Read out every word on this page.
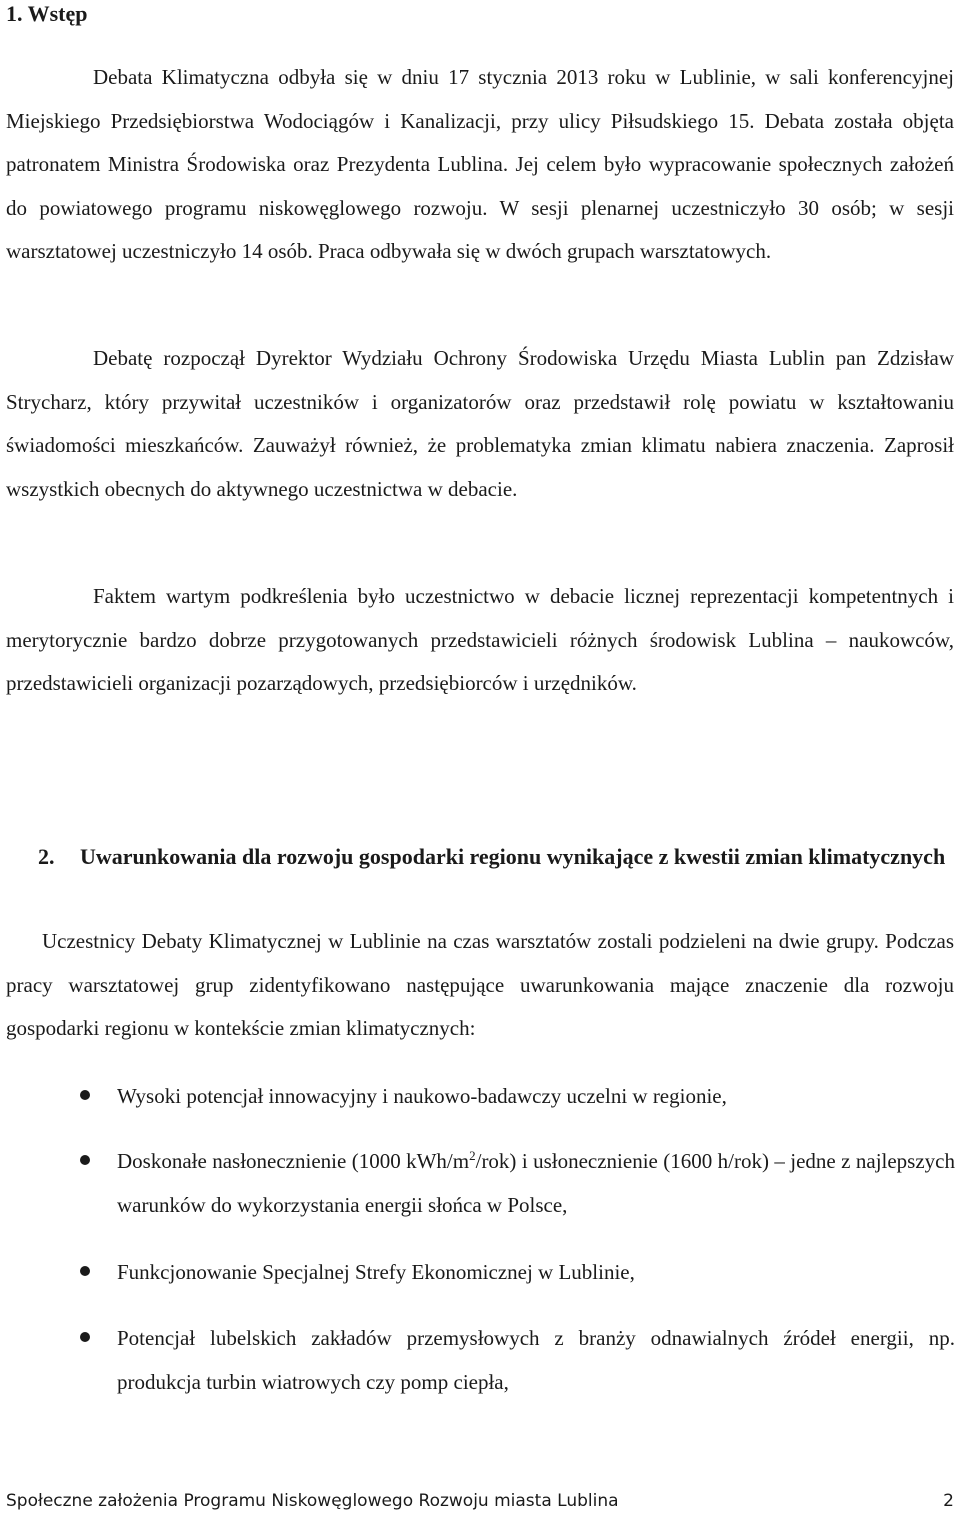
1. Wstęp

Debata Klimatyczna odbyła się w dniu 17 stycznia 2013 roku w Lublinie, w sali konferencyjnej Miejskiego Przedsiębiorstwa Wodociągów i Kanalizacji, przy ulicy Piłsudskiego 15. Debata została objęta patronatem Ministra Środowiska oraz Prezydenta Lublina. Jej celem było wypracowanie społecznych założeń do powiatowego programu niskowęglowego rozwoju. W sesji plenarnej uczestniczyło 30 osób; w sesji warsztatowej uczestniczyło 14 osób. Praca odbywała się w dwóch grupach warsztatowych.

Debatę rozpoczął Dyrektor Wydziału Ochrony Środowiska Urzędu Miasta Lublin pan Zdzisław Strycharz, który przywitał uczestników i organizatorów oraz przedstawił rolę powiatu w kształtowaniu świadomości mieszkańców. Zauważył również, że problematyka zmian klimatu nabiera znaczenia. Zaprosił wszystkich obecnych do aktywnego uczestnictwa w debacie.

Faktem wartym podkreślenia było uczestnictwo w debacie licznej reprezentacji kompetentnych i merytorycznie bardzo dobrze przygotowanych przedstawicieli różnych środowisk Lublina – naukowców, przedstawicieli organizacji pozarządowych, przedsiębiorców i urzędników.

2. Uwarunkowania dla rozwoju gospodarki regionu wynikające z kwestii zmian klimatycznych

Uczestnicy Debaty Klimatycznej w Lublinie na czas warsztatów zostali podzieleni na dwie grupy. Podczas pracy warsztatowej grup zidentyfikowano następujące uwarunkowania mające znaczenie dla rozwoju gospodarki regionu w kontekście zmian klimatycznych:

Wysoki potencjał innowacyjny i naukowo-badawczy uczelni w regionie,
Doskonałe nasłonecznienie (1000 kWh/$m^2/rok$) i usłonecznienie (1600 h/rok) – jedne z najlepszych warunków do wykorzystania energii słońca w Polsce,
Funkcjonowanie Specjalnej Strefy Ekonomicznej w Lublinie,
Potencjał lubelskich zakładów przemysłowych z branży odnawialnych źródeł energii, np. produkcja turbin wiatrowych czy pomp ciepła,
Społeczne założenia Programu Niskowęglowego Rozwoju miasta Lublina	2
